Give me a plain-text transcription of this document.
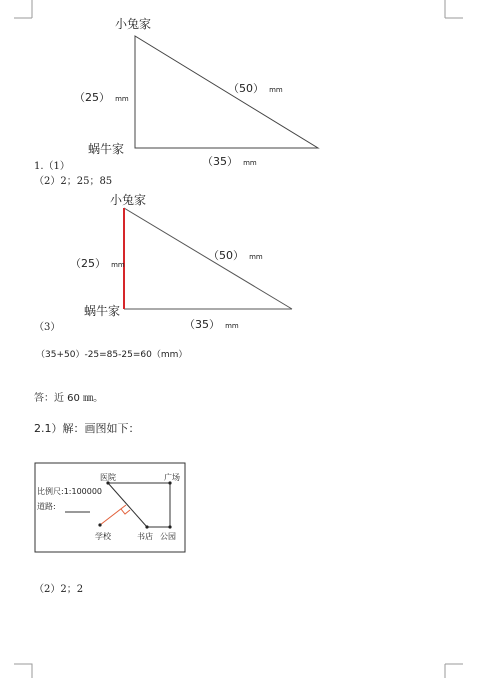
小兔家
蜗牛家
（25） mm
（50） mm
（35） mm
1.（1）
（2）2；25；85
小兔家
蜗牛家
（25） mm
（50） mm
（35） mm
（3）
（35+50）-25=85-25=60（mm）
答：近 60 ㎜。
2.1）解：画图如下：
医院	广场
比例尺:1:100000
道路:
学校	书店 公园
（2）2；2
